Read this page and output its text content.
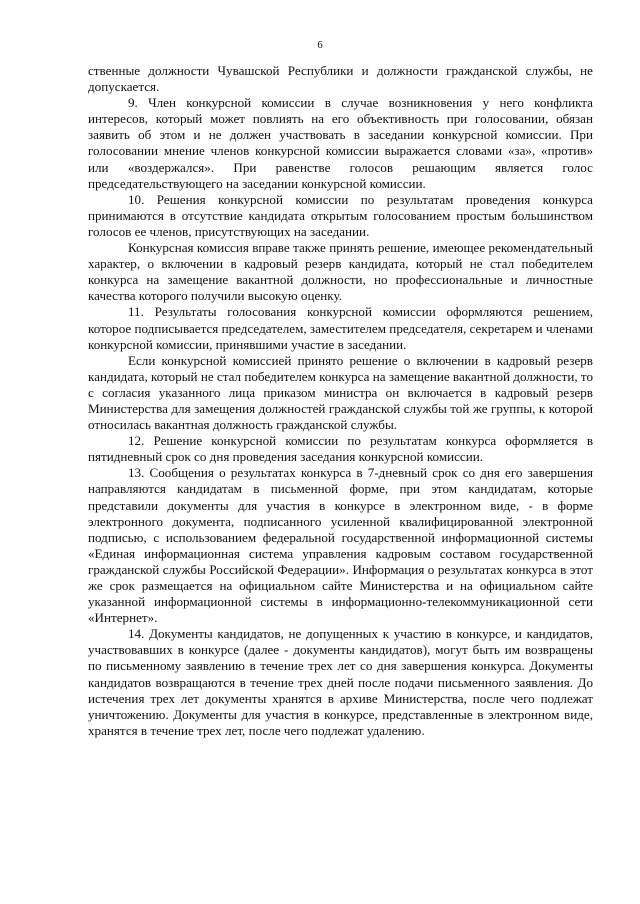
6

ственные должности Чувашской Республики и должности гражданской службы, не допускается.

9. Член конкурсной комиссии в случае возникновения у него конфликта интересов, который может повлиять на его объективность при голосовании, обязан заявить об этом и не должен участвовать в заседании конкурсной комиссии. При голосовании мнение членов конкурсной комиссии выражается словами «за», «против» или «воздержался». При равенстве голосов решающим является голос председательствующего на заседании конкурсной комиссии.

10. Решения конкурсной комиссии по результатам проведения конкурса принимаются в отсутствие кандидата открытым голосованием простым большинством голосов ее членов, присутствующих на заседании.

Конкурсная комиссия вправе также принять решение, имеющее рекомендательный характер, о включении в кадровый резерв кандидата, который не стал победителем конкурса на замещение вакантной должности, но профессиональные и личностные качества которого получили высокую оценку.

11. Результаты голосования конкурсной комиссии оформляются решением, которое подписывается председателем, заместителем председателя, секретарем и членами конкурсной комиссии, принявшими участие в заседании.

Если конкурсной комиссией принято решение о включении в кадровый резерв кандидата, который не стал победителем конкурса на замещение вакантной должности, то с согласия указанного лица приказом министра он включается в кадровый резерв Министерства для замещения должностей гражданской службы той же группы, к которой относилась вакантная должность гражданской службы.

12. Решение конкурсной комиссии по результатам конкурса оформляется в пятидневный срок со дня проведения заседания конкурсной комиссии.

13. Сообщения о результатах конкурса в 7-дневный срок со дня его завершения направляются кандидатам в письменной форме, при этом кандидатам, которые представили документы для участия в конкурсе в электронном виде, - в форме электронного документа, подписанного усиленной квалифицированной электронной подписью, с использованием федеральной государственной информационной системы «Единая информационная система управления кадровым составом государственной гражданской службы Российской Федерации». Информация о результатах конкурса в этот же срок размещается на официальном сайте Министерства и на официальном сайте указанной информационной системы в информационно-телекоммуникационной сети «Интернет».

14. Документы кандидатов, не допущенных к участию в конкурсе, и кандидатов, участвовавших в конкурсе (далее - документы кандидатов), могут быть им возвращены по письменному заявлению в течение трех лет со дня завершения конкурса. Документы кандидатов возвращаются в течение трех дней после подачи письменного заявления. До истечения трех лет документы хранятся в архиве Министерства, после чего подлежат уничтожению. Документы для участия в конкурсе, представленные в электронном виде, хранятся в течение трех лет, после чего подлежат удалению.
